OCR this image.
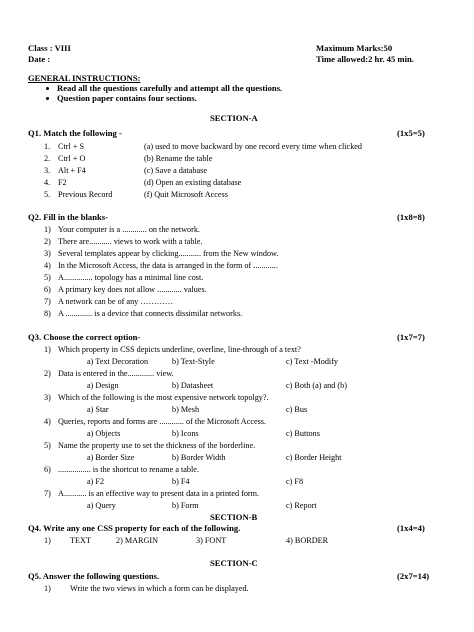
Class : VIII
Date :
Maximum Marks:50
Time allowed:2 hr. 45 min.
GENERAL INSTRUCTIONS:
Read all the questions carefully and attempt all the questions.
Question paper contains four sections.
SECTION-A
Q1. Match the following -	(1x5=5)
1. Ctrl + S	(a) used to move backward by one record every time when clicked
2. Ctrl + O	(b) Rename the table
3. Alt + F4	(c) Save a database
4. F2	(d) Open an existing database
5. Previous Record	(f) Quit Microsoft Access
Q2. Fill in the blanks-	(1x8=8)
1) Your computer is a ............ on the network.
2) There are........... views to work with a table.
3) Several templates appear by clicking........... from the New window.
4) In the Microsoft Access, the data is arranged in the form of ............
5) A.............. topology has a minimal line cost.
6) A primary key does not allow ............ values.
7) A network can be of any …………
8) A ............. is a device that connects dissimilar networks.
Q3. Choose the correct option-	(1x7=7)
1) Which property in CSS depicts underline, overline, line-through of a text?
a) Text Decoration	b) Text-Style	c) Text -Modify
2) Data is entered in the............. view.
a) Design	b) Datasheet	c) Both (a) and (b)
3) Which of the following is the most expensive network topolgy?.
a) Star	b) Mesh	c) Bus
4) Queries, reports and forms are ............ of the Microsoft Access.
a) Objects	b) Icons	c) Buttons
5) Name the property use to set the thickness of the borderline.
a) Border Size	b) Border Width	c) Border Height
6) ................ is the shortcut to rename a table.
a) F2	b) F4	c) F8
7) A........... is an effective way to present data in a printed form.
a) Query	b) Form	c) Report
SECTION-B
Q4. Write any one CSS property for each of the following.	(1x4=4)
1) TEXT	2) MARGIN	3) FONT	4) BORDER
SECTION-C
Q5. Answer the following questions.	(2x7=14)
1) Write the two views in which a form can be displayed.
